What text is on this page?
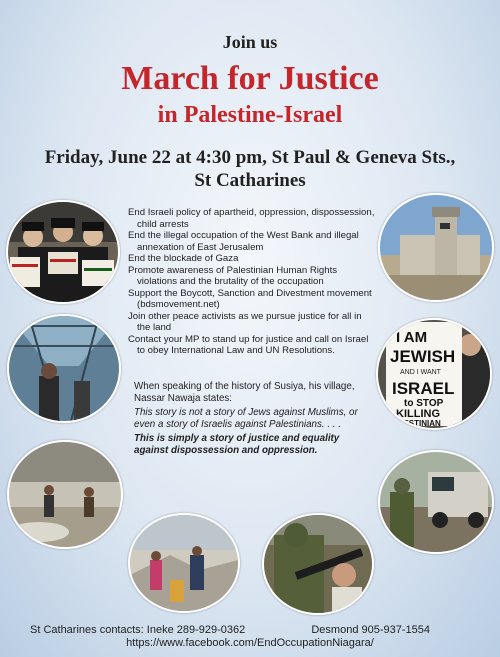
Join us
March for Justice
in Palestine-Israel
Friday, June 22 at 4:30 pm, St Paul & Geneva Sts.,
St Catharines
End Israeli policy of apartheid, oppression, dispossession, child arrests
End the illegal occupation of the West Bank and illegal annexation of East Jerusalem
End the blockade of Gaza
Promote awareness of Palestinian Human Rights violations and the brutality of the occupation
Support the Boycott, Sanction and Divestment movement (bdsmovement.net)
Join other peace activists as we pursue justice for all in the land
Contact your MP to stand up for justice and call on Israel to obey International Law and UN Resolutions.
When speaking of the history of Susiya, his village, Nassar Nawaja states:
This story is not a story of Jews against Muslims, or even a story of Israelis against Palestinians. . . .
This is simply a story of justice and equality against dispossession and oppression.
I AM
JEWISH
AND I WANT
ISRAEL
to STOP
KILLING
PALESTINIAN
St Catharines contacts: Ineke 289-929-0362	Desmond 905-937-1554
https://www.facebook.com/EndOccupationNiagara/
